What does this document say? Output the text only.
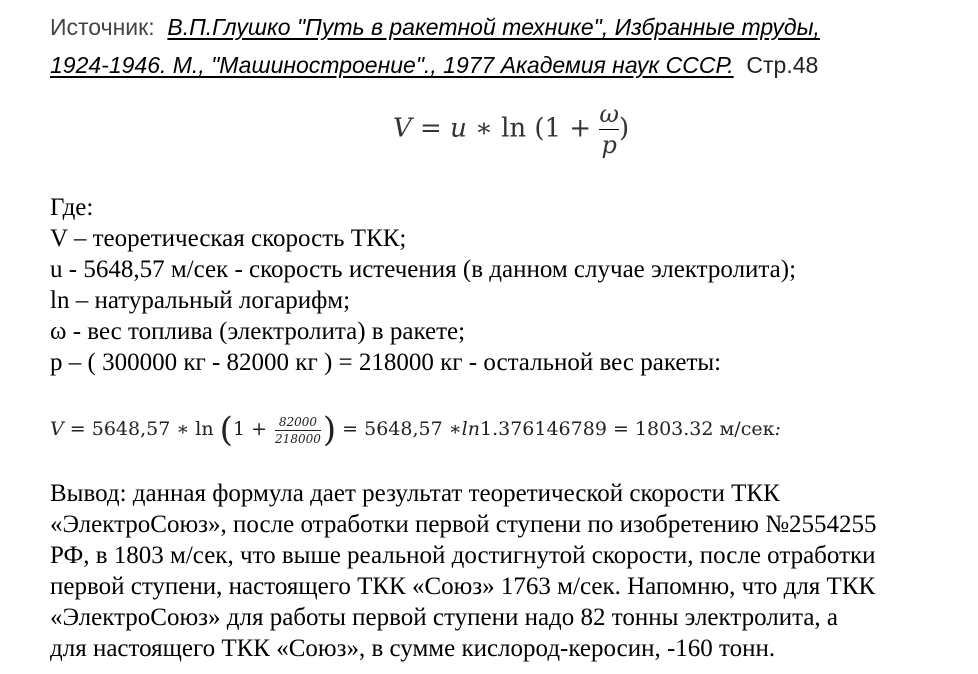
Источник: В.П.Глушко "Путь в ракетной технике", Избранные труды,
1924-1946. М., "Машиностроение"., 1977 Академия наук СССР. Стр.48
V = u ∗ $\ln (1 + \frac{\omega}{p}$ )
Где:
V – теоретическая скорость ТКК;
u - 5648,57 м/сек - скорость истечения (в данном случае электролита);
ln – натуральный логарифм;
ω - вес топлива (электролита) в ракете;
p – ( 300000 кг - 82000 кг ) = 218000 кг - остальной вес ракеты:
V = 5648,57 ∗ $\ln (1 + \frac{82000}{218000}$ ) = 5648,57 ∗ln1.376146789 = 1803.32 м/сек:
Вывод: данная формула дает результат теоретической скорости ТКК
«ЭлектроСоюз», после отработки первой ступени по изобретению №2554255
РФ, в 1803 м/сек, что выше реальной достигнутой скорости, после отработки
первой ступени, настоящего ТКК «Союз» 1763 м/сек. Напомню, что для ТКК
«ЭлектроСоюз» для работы первой ступени надо 82 тонны электролита, а
для настоящего ТКК «Союз», в сумме кислород-керосин, -160 тонн.
